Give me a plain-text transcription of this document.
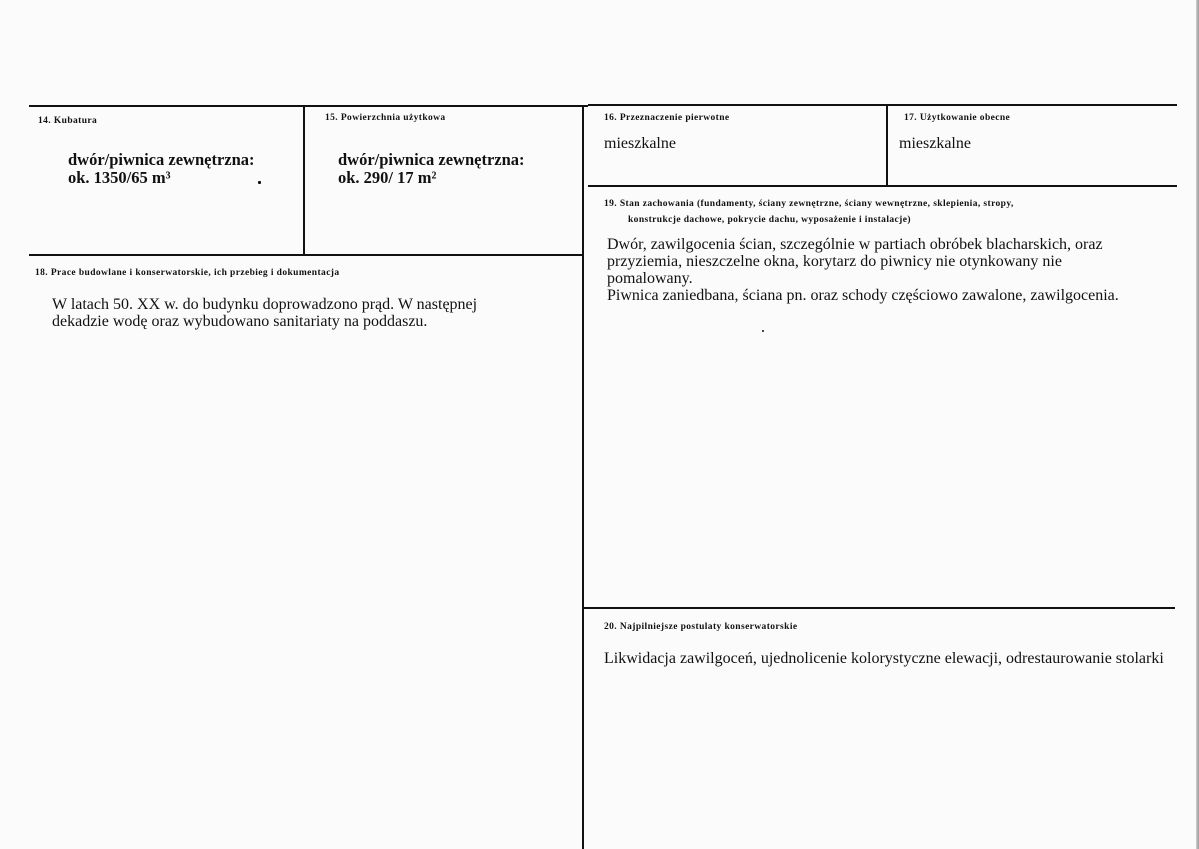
14. Kubatura
dwór/piwnica zewnętrzna:
ok. 1350/65 m³
15. Powierzchnia użytkowa
dwór/piwnica zewnętrzna:
ok. 290/ 17 m²
16. Przeznaczenie pierwotne
mieszkalne
17. Użytkowanie obecne
mieszkalne
18. Prace budowlane i konserwatorskie, ich przebieg i dokumentacja
W latach 50. XX w. do budynku doprowadzono prąd. W następnej dekadzie wodę oraz wybudowano sanitariaty na poddaszu.
19. Stan zachowania (fundamenty, ściany zewnętrzne, ściany wewnętrzne, sklepienia, stropy,
konstrukcje dachowe, pokrycie dachu, wyposażenie i instalacje)
Dwór, zawilgocenia ścian, szczególnie w partiach obróbek blacharskich, oraz przyziemia, nieszczelne okna, korytarz do piwnicy nie otynkowany nie pomalowany.
Piwnica zaniedbana, ściana pn. oraz schody częściowo zawalone, zawilgocenia.
20. Najpilniejsze postulaty konserwatorskie
Likwidacja zawilgoceń, ujednolicenie kolorystyczne elewacji, odrestaurowanie stolarki
